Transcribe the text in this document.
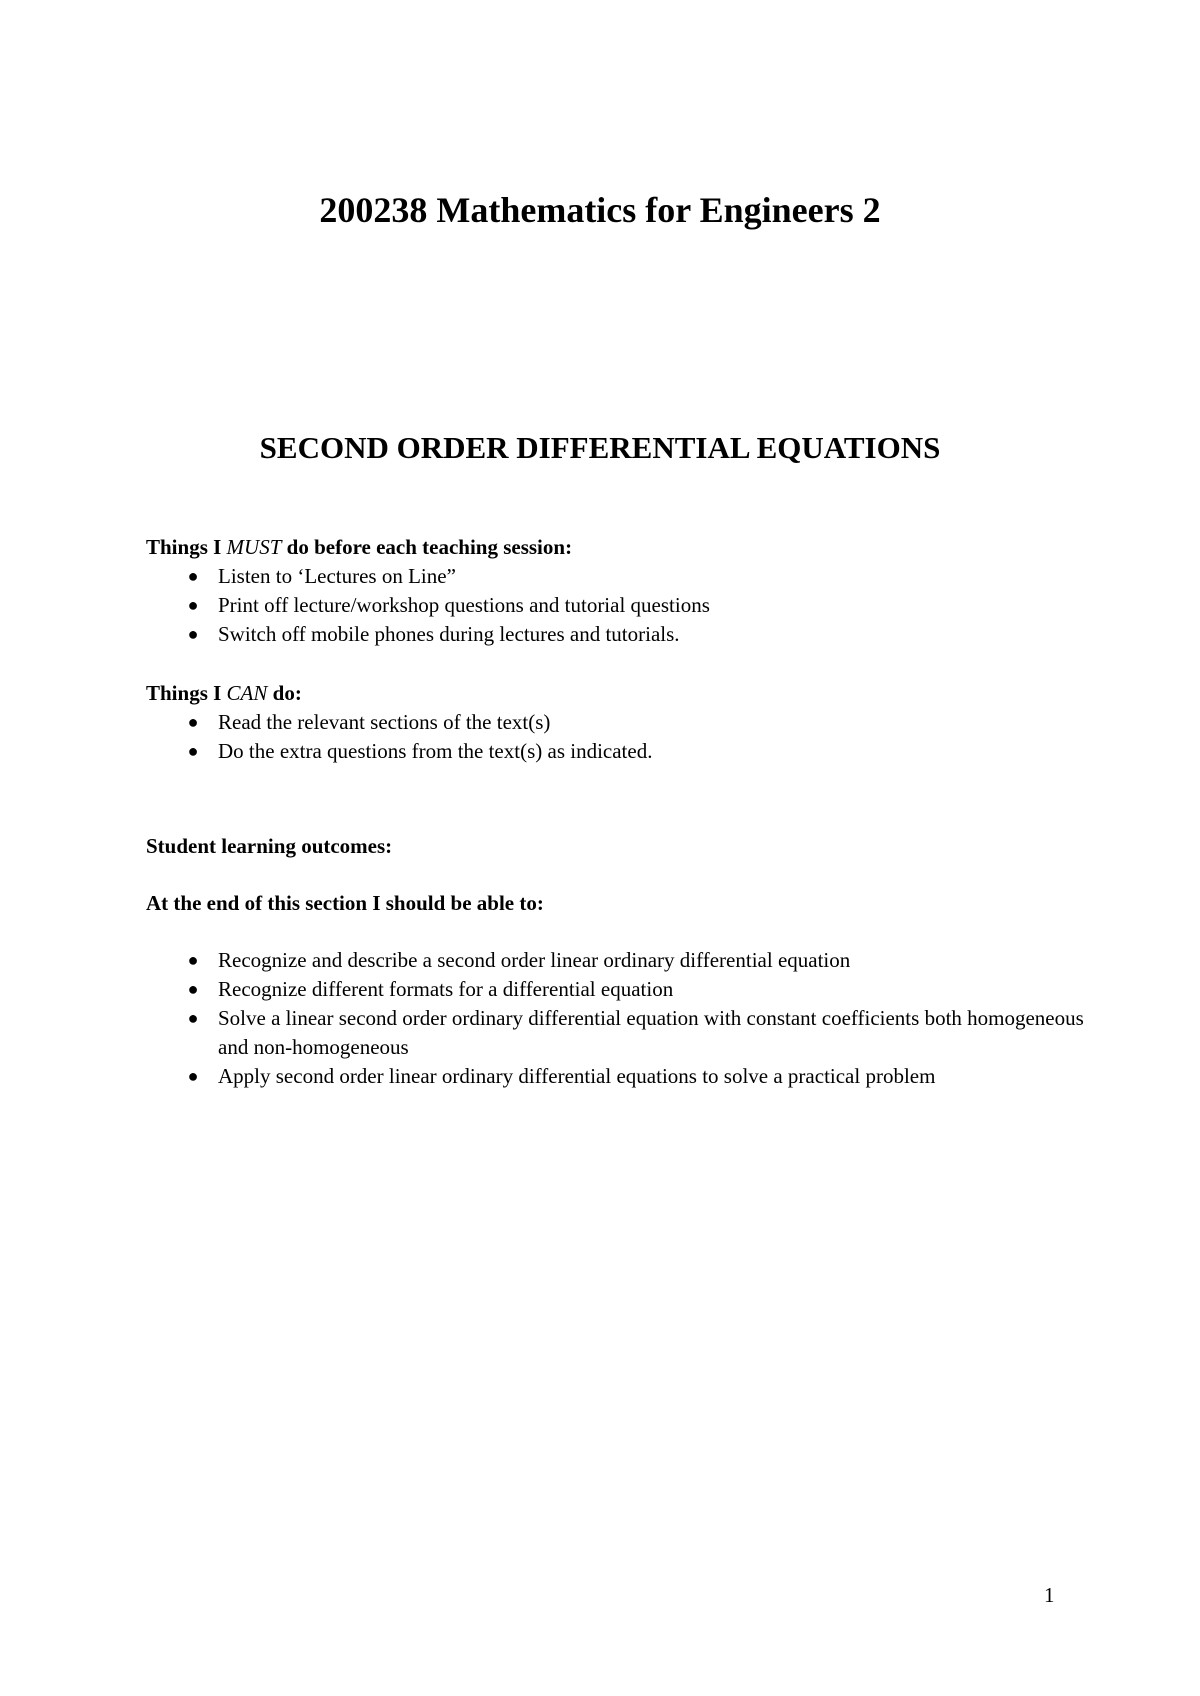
200238 Mathematics for Engineers 2
SECOND ORDER DIFFERENTIAL EQUATIONS

Things I MUST do before each teaching session:

● Listen to ‘Lectures on Line”
● Print off lecture/workshop questions and tutorial questions
● Switch off mobile phones during lectures and tutorials.

Things I CAN do:

● Read the relevant sections of the text(s)
● Do the extra questions from the text(s) as indicated.

Student learning outcomes:

At the end of this section I should be able to:

● Recognize and describe a second order linear ordinary differential equation
● Recognize different formats for a differential equation
● Solve a linear second order ordinary differential equation with constant coefficients both homogeneous and non-homogeneous
● Apply second order linear ordinary differential equations to solve a practical problem
1
